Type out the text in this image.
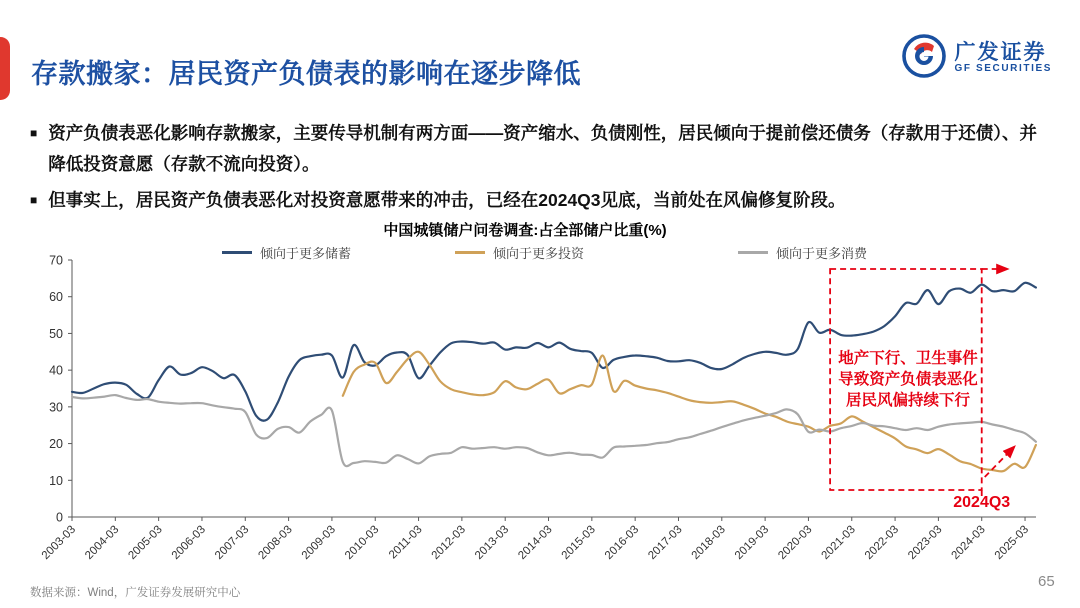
存款搬家：居民资产负债表的影响在逐步降低
广发证券
GF SECURITIES
■ 资产负债表恶化影响存款搬家，主要传导机制有两方面——资产缩水、负债刚性，居民倾向于提前偿还债务（存款用于还债）、并降低投资意愿（存款不流向投资）。
■ 但事实上，居民资产负债表恶化对投资意愿带来的冲击，已经在2024Q3见底，当前处在风偏修复阶段。
中国城镇储户问卷调查:占全部储户比重(%)
倾向于更多储蓄	倾向于更多投资	倾向于更多消费
0
10
20
30
40
50
60
70
2003-03 2004-03 2005-03 2006-03 2007-03 2008-03 2009-03 2010-03 2011-03 2012-03 2013-03 2014-03 2015-03 2016-03 2017-03 2018-03 2019-03 2020-03 2021-03 2022-03 2023-03 2024-03 2025-03
地产下行、卫生事件
导致资产负债表恶化
居民风偏持续下行
2024Q3
数据来源：Wind，广发证券发展研究中心
65
